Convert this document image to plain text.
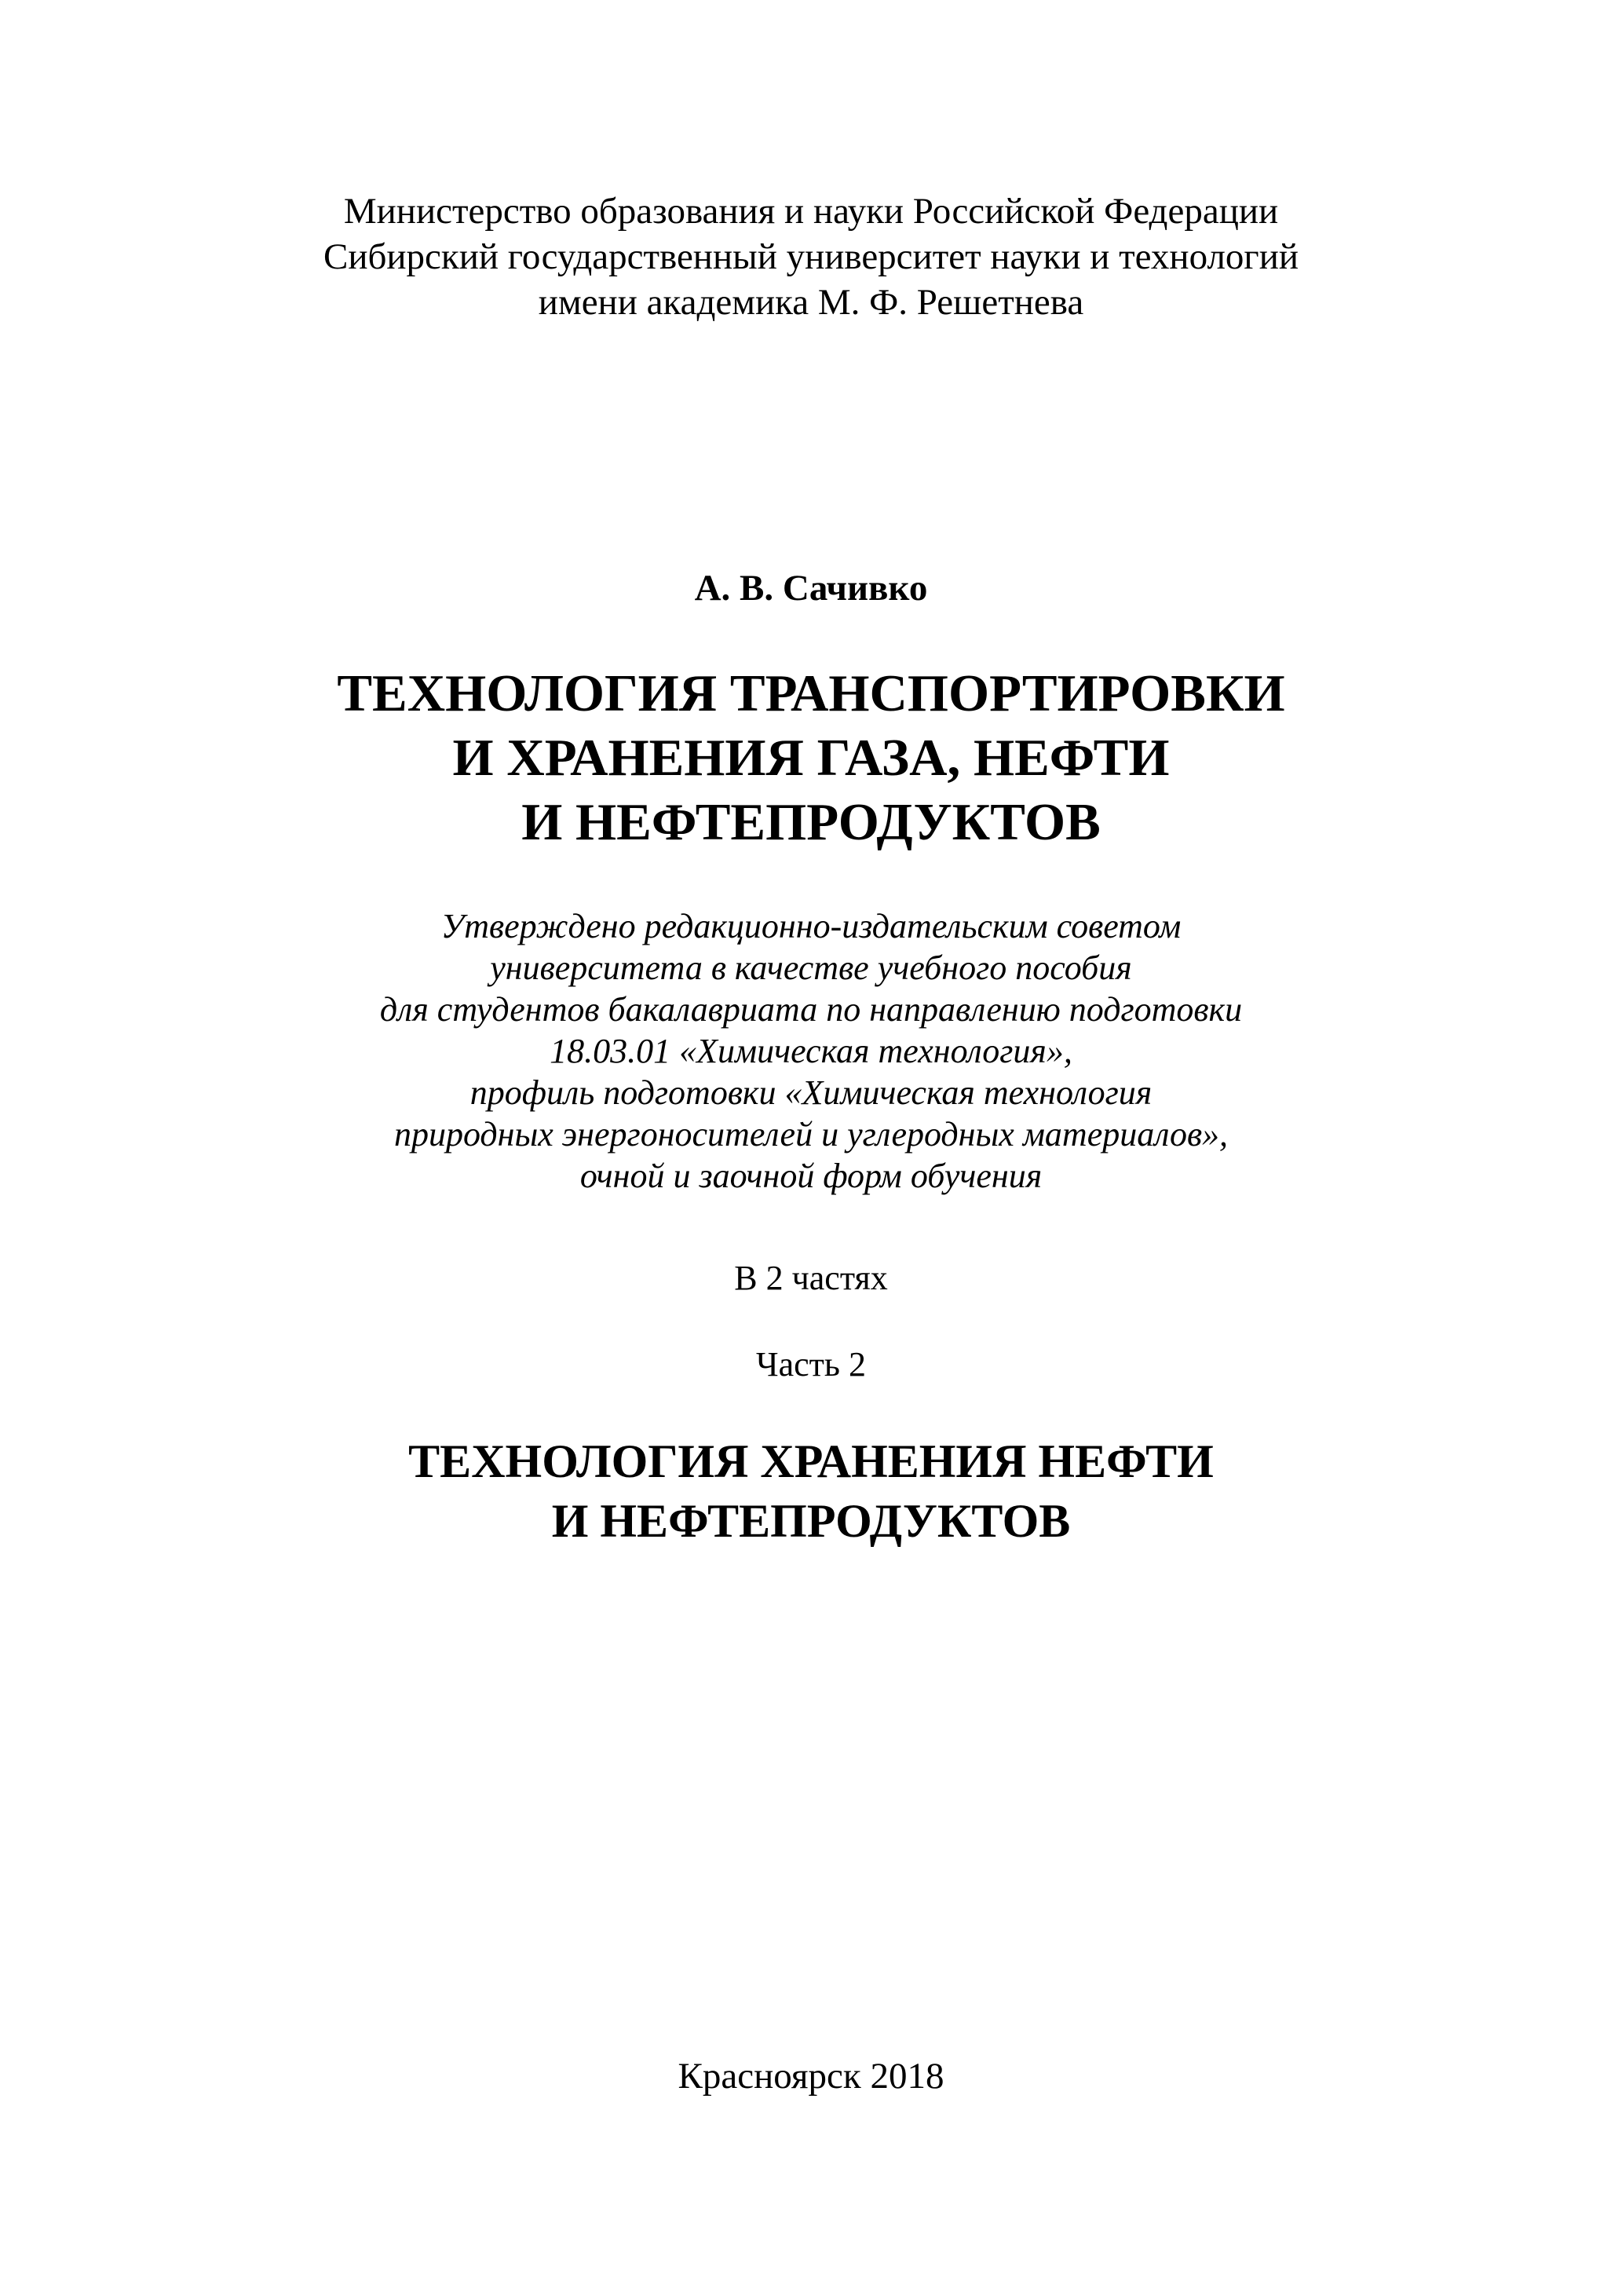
Министерство образования и науки Российской Федерации
Сибирский государственный университет науки и технологий
имени академика М. Ф. Решетнева
А. В. Сачивко
ТЕХНОЛОГИЯ ТРАНСПОРТИРОВКИ
И ХРАНЕНИЯ ГАЗА, НЕФТИ
И НЕФТЕПРОДУКТОВ
Утверждено редакционно-издательским советом
университета в качестве учебного пособия
для студентов бакалавриата по направлению подготовки
18.03.01 «Химическая технология»,
профиль подготовки «Химическая технология
природных энергоносителей и углеродных материалов»,
очной и заочной форм обучения
В 2 частях
Часть 2
ТЕХНОЛОГИЯ ХРАНЕНИЯ НЕФТИ
И НЕФТЕПРОДУКТОВ
Красноярск 2018
